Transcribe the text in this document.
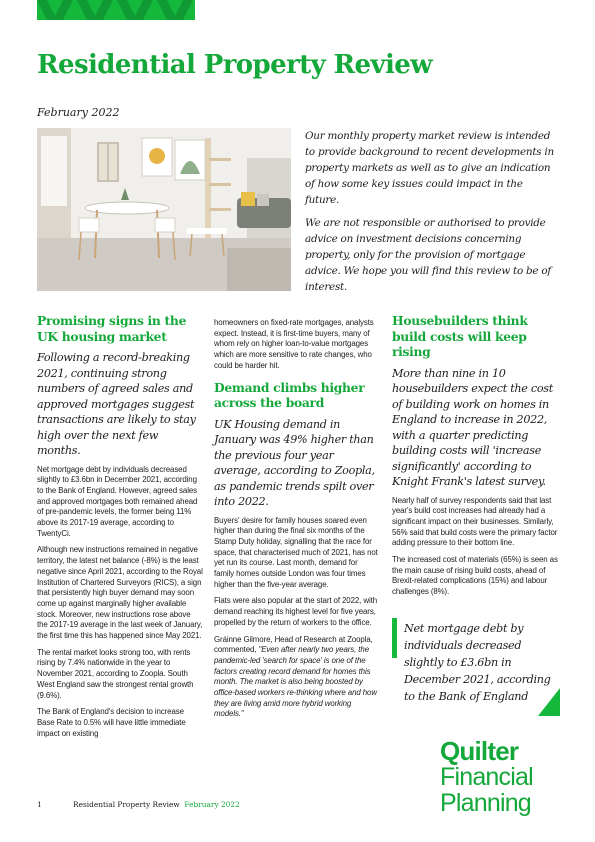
Residential Property Review
February 2022

Our monthly property market review is intended to provide background to recent developments in property markets as well as to give an indication of how some key issues could impact in the future.

We are not responsible or authorised to provide advice on investment decisions concerning property, only for the provision of mortgage advice. We hope you will find this review to be of interest.

Promising signs in the UK housing market
Following a record-breaking 2021, continuing strong numbers of agreed sales and approved mortgages suggest transactions are likely to stay high over the next few months.

Net mortgage debt by individuals decreased slightly to £3.6bn in December 2021, according to the Bank of England. However, agreed sales and approved mortgages both remained ahead of pre-pandemic levels, the former being 11% above its 2017-19 average, according to TwentyCi.

Although new instructions remained in negative territory, the latest net balance (-8%) is the least negative since April 2021, according to the Royal Institution of Chartered Surveyors (RICS), a sign that persistently high buyer demand may soon come up against marginally higher available stock. Moreover, new instructions rose above the 2017-19 average in the last week of January, the first time this has happened since May 2021.

The rental market looks strong too, with rents rising by 7.4% nationwide in the year to November 2021, according to Zoopla. South West England saw the strongest rental growth (9.6%).

The Bank of England's decision to increase Base Rate to 0.5% will have little immediate impact on existing

homeowners on fixed-rate mortgages, analysts expect. Instead, it is first-time buyers, many of whom rely on higher loan-to-value mortgages which are more sensitive to rate changes, who could be harder hit.

Demand climbs higher across the board
UK Housing demand in January was 49% higher than the previous four year average, according to Zoopla, as pandemic trends spilt over into 2022.

Buyers' desire for family houses soared even higher than during the final six months of the Stamp Duty holiday, signalling that the race for space, that characterised much of 2021, has not yet run its course. Last month, demand for family homes outside London was four times higher than the five-year average.

Flats were also popular at the start of 2022, with demand reaching its highest level for five years, propelled by the return of workers to the office.

Gráinne Gilmore, Head of Research at Zoopla, commented, "Even after nearly two years, the pandemic-led 'search for space' is one of the factors creating record demand for homes this month. The market is also being boosted by office-based workers re-thinking where and how they are living amid more hybrid working models."

Housebuilders think build costs will keep rising
More than nine in 10 housebuilders expect the cost of building work on homes in England to increase in 2022, with a quarter predicting building costs will 'increase significantly' according to Knight Frank's latest survey.

Nearly half of survey respondents said that last year's build cost increases had already had a significant impact on their businesses. Similarly, 56% said that build costs were the primary factor adding pressure to their bottom line.

The increased cost of materials (65%) is seen as the main cause of rising build costs, ahead of Brexit-related complications (15%) and labour challenges (8%).

Net mortgage debt by individuals decreased slightly to £3.6bn in December 2021, according to the Bank of England
Quilter
Financial
Planning
1	Residential Property Review February 2022
